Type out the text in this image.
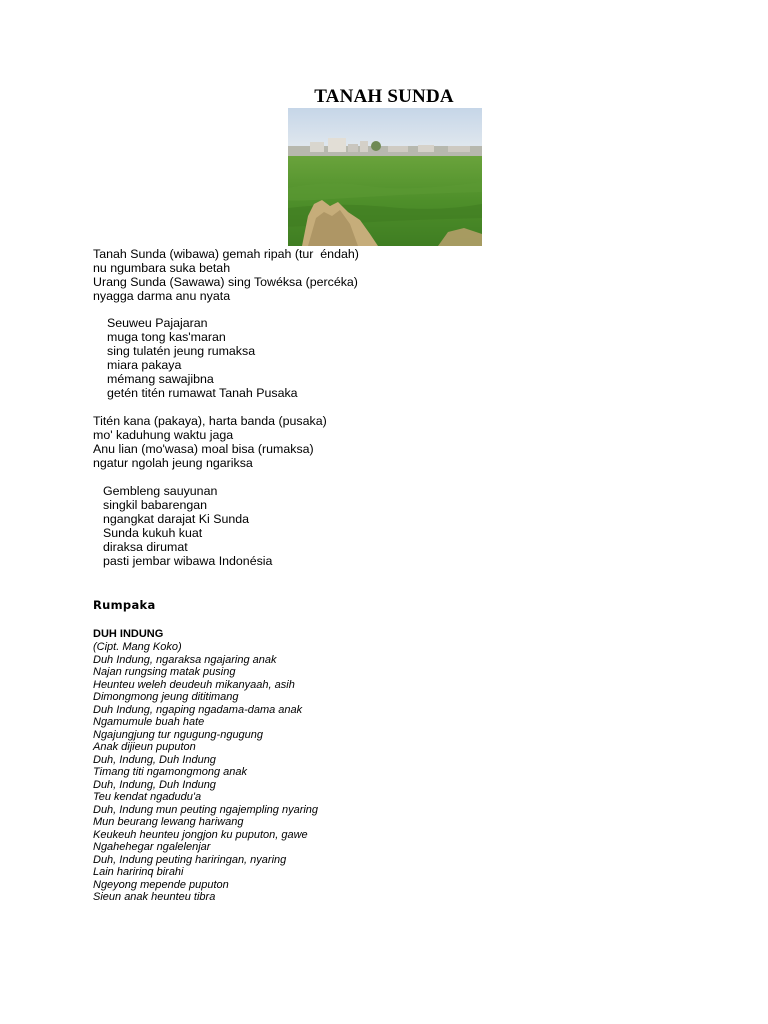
TANAH SUNDA
Tanah Sunda (wibawa) gemah ripah (tur  éndah)
nu ngumbara suka betah
Urang Sunda (Sawawa) sing Towéksa (percéka)
nyagga darma anu nyata
Seuweu Pajajaran
muga tong kas'maran
sing tulatén jeung rumaksa
miara pakaya
mémang sawajibna
getén titén rumawat Tanah Pusaka
Titén kana (pakaya), harta banda (pusaka)
mo' kaduhung waktu jaga
Anu lian (mo'wasa) moal bisa (rumaksa)
ngatur ngolah jeung ngariksa
Gembleng sauyunan
singkil babarengan
ngangkat darajat Ki Sunda
Sunda kukuh kuat
diraksa dirumat
pasti jembar wibawa Indonésia
Rumpaka
DUH INDUNG
(Cipt. Mang Koko)
Duh Indung, ngaraksa ngajaring anak
Najan rungsing matak pusing
Heunteu weleh deudeuh mikanyaah, asih
Dimongmong jeung dititimang
Duh Indung, ngaping ngadama-dama anak
Ngamumule buah hate
Ngajungjung tur ngugung-ngugung
Anak dijieun puputon
Duh, Indung, Duh Indung
Timang titi ngamongmong anak
Duh, Indung, Duh Indung
Teu kendat ngadudu'a
Duh, Indung mun peuting ngajempling nyaring
Mun beurang lewang hariwang
Keukeuh heunteu jongjon ku puputon, gawe
Ngahehegar ngalelenjar
Duh, Indung peuting hariringan, nyaring
Lain haririnq birahi
Ngeyong mepende puputon
Sieun anak heunteu tibra
